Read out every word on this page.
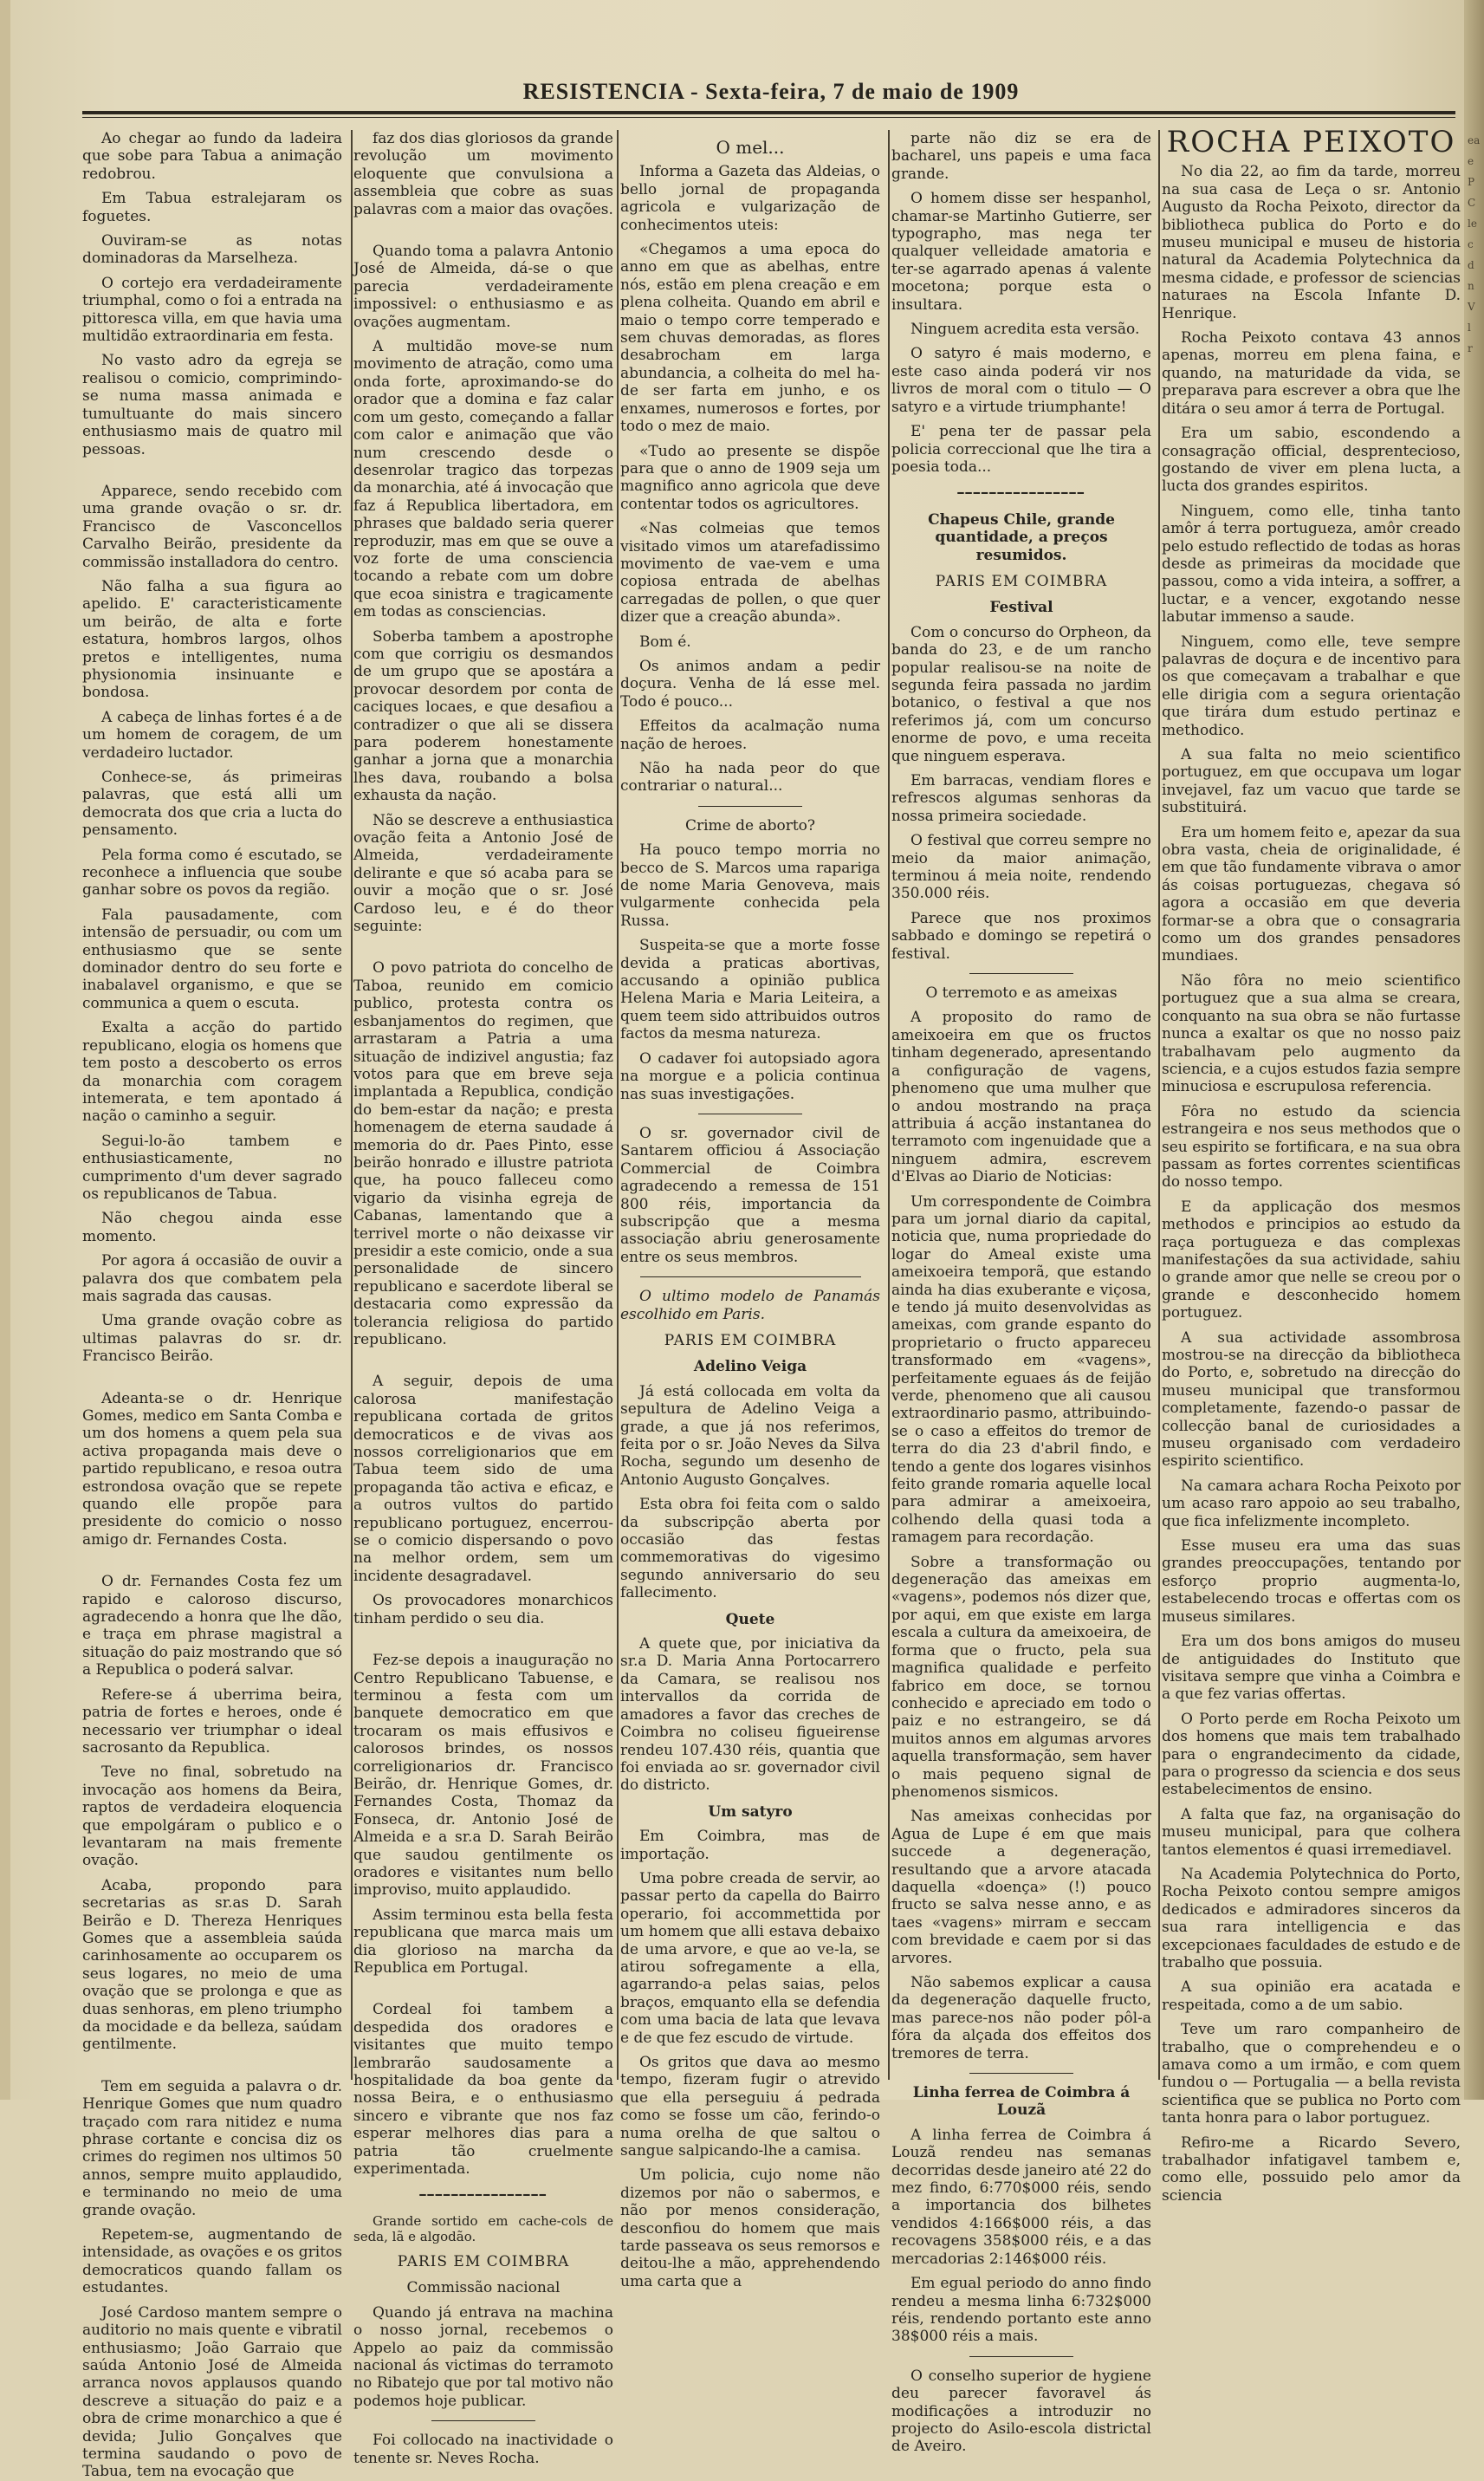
RESISTENCIA - Sexta-feira, 7 de maio de 1909

Ao chegar ao fundo da ladeira que sobe para Tabua a animação redobrou.

Em Tabua estralejaram os foguetes.

Ouviram-se as notas dominadoras da Marselheza.

O cortejo era verdadeiramente triumphal, como o foi a entrada na pittoresca villa, em que havia uma multidão extraordinaria em festa.

No vasto adro da egreja se realisou o comicio, comprimindo-se numa massa animada e tumultuante do mais sincero enthusiasmo mais de quatro mil pessoas.

Apparece, sendo recebido com uma grande ovação o sr. dr. Francisco de Vasconcellos Carvalho Beirão, presidente da commissão installadora do centro.

Não falha a sua figura ao apelido. E' caracteristicamente um beirão, de alta e forte estatura, hombros largos, olhos pretos e intelligentes, numa physionomia insinuante e bondosa.

A cabeça de linhas fortes é a de um homem de coragem, de um verdadeiro luctador.

Conhece-se, ás primeiras palavras, que está alli um democrata dos que cria a lucta do pensamento.

Pela forma como é escutado, se reconhece a influencia que soube ganhar sobre os povos da região.

Fala pausadamente, com intensão de persuadir, ou com um enthusiasmo que se sente dominador dentro do seu forte e inabalavel organismo, e que se communica a quem o escuta.

Exalta a acção do partido republicano, elogia os homens que tem posto a descoberto os erros da monarchia com coragem intemerata, e tem apontado á nação o caminho a seguir.

Segui-lo-ão tambem e enthusiasticamente, no cumprimento d'um dever sagrado os republicanos de Tabua.

Não chegou ainda esse momento.

Por agora á occasião de ouvir a palavra dos que combatem pela mais sagrada das causas.

Uma grande ovação cobre as ultimas palavras do sr. dr. Francisco Beirão.

Adeanta-se o dr. Henrique Gomes, medico em Santa Comba e um dos homens a quem pela sua activa propaganda mais deve o partido republicano, e resoa outra estrondosa ovação que se repete quando elle propõe para presidente do comicio o nosso amigo dr. Fernandes Costa.

O dr. Fernandes Costa fez um rapido e caloroso discurso, agradecendo a honra que lhe dão, e traça em phrase magistral a situação do paiz mostrando que só a Republica o poderá salvar.

Refere-se á uberrima beira, patria de fortes e heroes, onde é necessario ver triumphar o ideal sacrosanto da Republica.

Teve no final, sobretudo na invocação aos homens da Beira, raptos de verdadeira eloquencia que empolgáram o publico e o levantaram na mais fremente ovação.

Acaba, propondo para secretarias as sr.as D. Sarah Beirão e D. Thereza Henriques Gomes que a assembleia saúda carinhosamente ao occuparem os seus logares, no meio de uma ovação que se prolonga e que as duas senhoras, em pleno triumpho da mocidade e da belleza, saúdam gentilmente.

Tem em seguida a palavra o dr. Henrique Gomes que num quadro traçado com rara nitidez e numa phrase cortante e concisa diz os crimes do regimen nos ultimos 50 annos, sempre muito applaudido, e terminando no meio de uma grande ovação.

Repetem-se, augmentando de intensidade, as ovações e os gritos democraticos quando fallam os estudantes.

José Cardoso mantem sempre o auditorio no mais quente e vibratil enthusiasmo; João Garraio que saúda Antonio José de Almeida arranca novos applausos quando descreve a situação do paiz e a obra de crime monarchico a que é devida; Julio Gonçalves que termina saudando o povo de Tabua, tem na evocação que

faz dos dias gloriosos da grande revolução um movimento eloquente que convulsiona a assembleia que cobre as suas palavras com a maior das ovações.

Quando toma a palavra Antonio José de Almeida, dá-se o que parecia verdadeiramente impossivel: o enthusiasmo e as ovações augmentam.

A multidão move-se num movimento de atração, como uma onda forte, aproximando-se do orador que a domina e faz calar com um gesto, começando a fallar com calor e animação que vão num crescendo desde o desenrolar tragico das torpezas da monarchia, até á invocação que faz á Republica libertadora, em phrases que baldado seria querer reproduzir, mas em que se ouve a voz forte de uma consciencia tocando a rebate com um dobre que ecoa sinistra e tragicamente em todas as consciencias.

Soberba tambem a apostrophe com que corrigiu os desmandos de um grupo que se apostára a provocar desordem por conta de caciques locaes, e que desafiou a contradizer o que ali se dissera para poderem honestamente ganhar a jorna que a monarchia lhes dava, roubando a bolsa exhausta da nação.

Não se descreve a enthusiastica ovação feita a Antonio José de Almeida, verdadeiramente delirante e que só acaba para se ouvir a moção que o sr. José Cardoso leu, e é do theor seguinte:

O povo patriota do concelho de Taboa, reunido em comicio publico, protesta contra os esbanjamentos do regimen, que arrastaram a Patria a uma situação de indizivel angustia; faz votos para que em breve seja implantada a Republica, condição do bem-estar da nação; e presta homenagem de eterna saudade á memoria do dr. Paes Pinto, esse beirão honrado e illustre patriota que, ha pouco falleceu como vigario da visinha egreja de Cabanas, lamentando que a terrivel morte o não deixasse vir presidir a este comicio, onde a sua personalidade de sincero republicano e sacerdote liberal se destacaria como expressão da tolerancia religiosa do partido republicano.

A seguir, depois de uma calorosa manifestação republicana cortada de gritos democraticos e de vivas aos nossos correligionarios que em Tabua teem sido de uma propaganda tão activa e eficaz, e a outros vultos do partido republicano portuguez, encerrou-se o comicio dispersando o povo na melhor ordem, sem um incidente desagradavel.

Os provocadores monarchicos tinham perdido o seu dia.

Fez-se depois a inauguração no Centro Republicano Tabuense, e terminou a festa com um banquete democratico em que trocaram os mais effusivos e calorosos brindes, os nossos correligionarios dr. Francisco Beirão, dr. Henrique Gomes, dr. Fernandes Costa, Thomaz da Fonseca, dr. Antonio José de Almeida e a sr.a D. Sarah Beirão que saudou gentilmente os oradores e visitantes num bello improviso, muito applaudido.

Assim terminou esta bella festa republicana que marca mais um dia glorioso na marcha da Republica em Portugal.

Cordeal foi tambem a despedida dos oradores e visitantes que muito tempo lembrarão saudosamente a hospitalidade da boa gente da nossa Beira, e o enthusiasmo sincero e vibrante que nos faz esperar melhores dias para a patria tão cruelmente experimentada.

━━━━━━━━━━━━━━━━

Grande sortido em cache-cols de seda, lã e algodão.

PARIS EM COIMBRA
Commissão nacional

Quando já entrava na machina o nosso jornal, recebemos o Appelo ao paiz da commissão nacional ás victimas do terramoto no Ribatejo que por tal motivo não podemos hoje publicar.

Foi collocado na inactividade o tenente sr. Neves Rocha.

O mel...

Informa a Gazeta das Aldeias, o bello jornal de propaganda agricola e vulgarização de conhecimentos uteis:

«Chegamos a uma epoca do anno em que as abelhas, entre nós, estão em plena creação e em plena colheita. Quando em abril e maio o tempo corre temperado e sem chuvas demoradas, as flores desabrocham em larga abundancia, a colheita do mel ha-de ser farta em junho, e os enxames, numerosos e fortes, por todo o mez de maio.

«Tudo ao presente se dispõe para que o anno de 1909 seja um magnifico anno agricola que deve contentar todos os agricultores.

«Nas colmeias que temos visitado vimos um atarefadissimo movimento de vae-vem e uma copiosa entrada de abelhas carregadas de pollen, o que quer dizer que a creação abunda».

Bom é.

Os animos andam a pedir doçura. Venha de lá esse mel. Todo é pouco...

Effeitos da acalmação numa nação de heroes.

Não ha nada peor do que contrariar o natural...

Crime de aborto?

Ha pouco tempo morria no becco de S. Marcos uma rapariga de nome Maria Genoveva, mais vulgarmente conhecida pela Russa.

Suspeita-se que a morte fosse devida a praticas abortivas, accusando a opinião publica Helena Maria e Maria Leiteira, a quem teem sido attribuidos outros factos da mesma natureza.

O cadaver foi autopsiado agora na morgue e a policia continua nas suas investigações.

O sr. governador civil de Santarem officiou á Associação Commercial de Coimbra agradecendo a remessa de 151 800 réis, importancia da subscripção que a mesma associação abriu generosamente entre os seus membros.

O ultimo modelo de Panamás escolhido em Paris.

PARIS EM COIMBRA
Adelino Veiga

Já está collocada em volta da sepultura de Adelino Veiga a grade, a que já nos referimos, feita por o sr. João Neves da Silva Rocha, segundo um desenho de Antonio Augusto Gonçalves.

Esta obra foi feita com o saldo da subscripção aberta por occasião das festas commemorativas do vigesimo segundo anniversario do seu fallecimento.

Quete

A quete que, por iniciativa da sr.a D. Maria Anna Portocarrero da Camara, se realisou nos intervallos da corrida de amadores a favor das creches de Coimbra no coliseu figueirense rendeu 107.430 réis, quantia que foi enviada ao sr. governador civil do districto.

Um satyro

Em Coimbra, mas de importação.

Uma pobre creada de servir, ao passar perto da capella do Bairro operario, foi accommettida por um homem que alli estava debaixo de uma arvore, e que ao ve-la, se atirou sofregamente a ella, agarrando-a pelas saias, pelos braços, emquanto ella se defendia com uma bacia de lata que levava e de que fez escudo de virtude.

Os gritos que dava ao mesmo tempo, fizeram fugir o atrevido que ella perseguiu á pedrada como se fosse um cão, ferindo-o numa orelha de que saltou o sangue salpicando-lhe a camisa.

Um policia, cujo nome não dizemos por não o sabermos, e não por menos consideração, desconfiou do homem que mais tarde passeava os seus remorsos e deitou-lhe a mão, apprehendendo uma carta que a

parte não diz se era de bacharel, uns papeis e uma faca grande.

O homem disse ser hespanhol, chamar-se Martinho Gutierre, ser typographo, mas nega ter qualquer velleidade amatoria e ter-se agarrado apenas á valente mocetona; porque esta o insultara.

Ninguem acredita esta versão.

O satyro é mais moderno, e este caso ainda poderá vir nos livros de moral com o titulo — O satyro e a virtude triumphante!

E' pena ter de passar pela policia correccional que lhe tira a poesia toda...

━━━━━━━━━━━━━━━━
Chapeus Chile, grande quantidade, a preços resumidos.
PARIS EM COIMBRA
Festival

Com o concurso do Orpheon, da banda do 23, e de um rancho popular realisou-se na noite de segunda feira passada no jardim botanico, o festival a que nos referimos já, com um concurso enorme de povo, e uma receita que ninguem esperava.

Em barracas, vendiam flores e refrescos algumas senhoras da nossa primeira sociedade.

O festival que correu sempre no meio da maior animação, terminou á meia noite, rendendo 350.000 réis.

Parece que nos proximos sabbado e domingo se repetirá o festival.

O terremoto e as ameixas

A proposito do ramo de ameixoeira em que os fructos tinham degenerado, apresentando a configuração de vagens, phenomeno que uma mulher que o andou mostrando na praça attribuia á acção instantanea do terramoto com ingenuidade que a ninguem admira, escrevem d'Elvas ao Diario de Noticias:

Um correspondente de Coimbra para um jornal diario da capital, noticia que, numa propriedade do logar do Ameal existe uma ameixoeira temporã, que estando ainda ha dias exuberante e viçosa, e tendo já muito desenvolvidas as ameixas, com grande espanto do proprietario o fructo appareceu transformado em «vagens», perfeitamente eguaes ás de feijão verde, phenomeno que ali causou extraordinario pasmo, attribuindo-se o caso a effeitos do tremor de terra do dia 23 d'abril findo, e tendo a gente dos logares visinhos feito grande romaria aquelle local para admirar a ameixoeira, colhendo della quasi toda a ramagem para recordação.

Sobre a transformação ou degeneração das ameixas em «vagens», podemos nós dizer que, por aqui, em que existe em larga escala a cultura da ameixoeira, de forma que o fructo, pela sua magnifica qualidade e perfeito fabrico em doce, se tornou conhecido e apreciado em todo o paiz e no estrangeiro, se dá muitos annos em algumas arvores aquella transformação, sem haver o mais pequeno signal de phenomenos sismicos.

Nas ameixas conhecidas por Agua de Lupe é em que mais succede a degeneração, resultando que a arvore atacada daquella «doença» (!) pouco fructo se salva nesse anno, e as taes «vagens» mirram e seccam com brevidade e caem por si das arvores.

Não sabemos explicar a causa da degeneração daquelle fructo, mas parece-nos não poder pôl-a fóra da alçada dos effeitos dos tremores de terra.

Linha ferrea de Coimbra á Louzã

A linha ferrea de Coimbra á Louzã rendeu nas semanas decorridas desde janeiro até 22 do mez findo, 6:770$000 réis, sendo a importancia dos bilhetes vendidos 4:166$000 réis, a das recovagens 358$000 réis, e a das mercadorias 2:146$000 réis.

Em egual periodo do anno findo rendeu a mesma linha 6:732$000 réis, rendendo portanto este anno 38$000 réis a mais.

O conselho superior de hygiene deu parecer favoravel ás modificações a introduzir no projecto do Asilo-escola districtal de Aveiro.

ROCHA PEIXOTO

No dia 22, ao fim da tarde, morreu na sua casa de Leça o sr. Antonio Augusto da Rocha Peixoto, director da bibliotheca publica do Porto e do museu municipal e museu de historia natural da Academia Polytechnica da mesma cidade, e professor de sciencias naturaes na Escola Infante D. Henrique.

Rocha Peixoto contava 43 annos apenas, morreu em plena faina, e quando, na maturidade da vida, se preparava para escrever a obra que lhe ditára o seu amor á terra de Portugal.

Era um sabio, escondendo a consagração official, desprentecioso, gostando de viver em plena lucta, a lucta dos grandes espiritos.

Ninguem, como elle, tinha tanto amôr á terra portugueza, amôr creado pelo estudo reflectido de todas as horas desde as primeiras da mocidade que passou, como a vida inteira, a soffrer, a luctar, e a vencer, exgotando nesse labutar immenso a saude.

Ninguem, como elle, teve sempre palavras de doçura e de incentivo para os que começavam a trabalhar e que elle dirigia com a segura orientação que tirára dum estudo pertinaz e methodico.

A sua falta no meio scientifico portuguez, em que occupava um logar invejavel, faz um vacuo que tarde se substituirá.

Era um homem feito e, apezar da sua obra vasta, cheia de originalidade, é em que tão fundamente vibrava o amor ás coisas portuguezas, chegava só agora a occasião em que deveria formar-se a obra que o consagraria como um dos grandes pensadores mundiaes.

Não fôra no meio scientifico portuguez que a sua alma se creara, conquanto na sua obra se não furtasse nunca a exaltar os que no nosso paiz trabalhavam pelo augmento da sciencia, e a cujos estudos fazia sempre minuciosa e escrupulosa referencia.

Fôra no estudo da sciencia estrangeira e nos seus methodos que o seu espirito se fortificara, e na sua obra passam as fortes correntes scientificas do nosso tempo.

E da applicação dos mesmos methodos e principios ao estudo da raça portugueza e das complexas manifestações da sua actividade, sahiu o grande amor que nelle se creou por o grande e desconhecido homem portuguez.

A sua actividade assombrosa mostrou-se na direcção da bibliotheca do Porto, e, sobretudo na direcção do museu municipal que transformou completamente, fazendo-o passar de collecção banal de curiosidades a museu organisado com verdadeiro espirito scientifico.

Na camara achara Rocha Peixoto por um acaso raro appoio ao seu trabalho, que fica infelizmente incompleto.

Esse museu era uma das suas grandes preoccupações, tentando por esforço proprio augmenta-lo, estabelecendo trocas e offertas com os museus similares.

Era um dos bons amigos do museu de antiguidades do Instituto que visitava sempre que vinha a Coimbra e a que fez varias offertas.

O Porto perde em Rocha Peixoto um dos homens que mais tem trabalhado para o engrandecimento da cidade, para o progresso da sciencia e dos seus estabelecimentos de ensino.

A falta que faz, na organisação do museu municipal, para que colhera tantos elementos é quasi irremediavel.

Na Academia Polytechnica do Porto, Rocha Peixoto contou sempre amigos dedicados e admiradores sinceros da sua rara intelligencia e das excepcionaes faculdades de estudo e de trabalho que possuia.

A sua opinião era acatada e respeitada, como a de um sabio.

Teve um raro companheiro de trabalho, que o comprehendeu e o amava como a um irmão, e com quem fundou o — Portugalia — a bella revista scientifica que se publica no Porto com tanta honra para o labor portuguez.

Refiro-me a Ricardo Severo, trabalhador infatigavel tambem e, como elle, possuido pelo amor da sciencia

ea
e
P
C
le
c
d
n
V
l
r
